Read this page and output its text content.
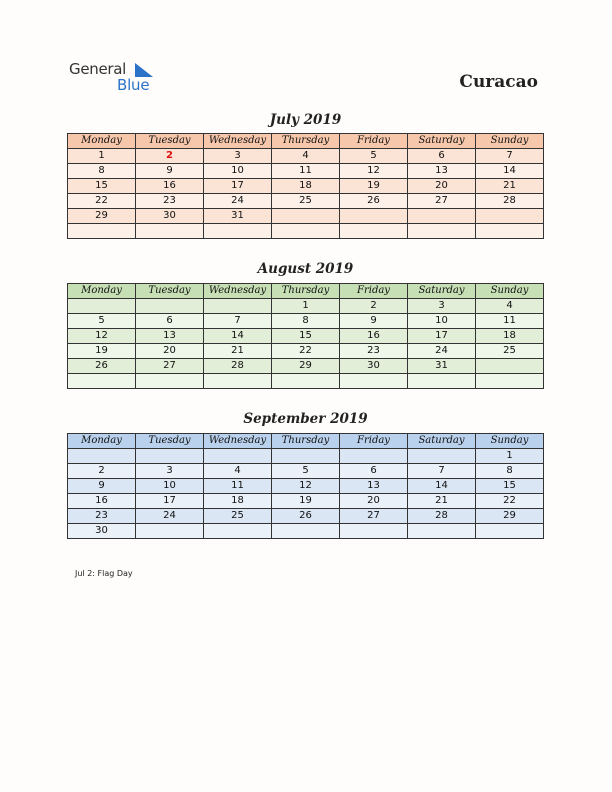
General
Blue	Curacao
July 2019
Monday	Tuesday	Wednesday	Thursday	Friday	Saturday	Sunday
1	2	3	4	5	6	7
8	9	10	11	12	13	14
15	16	17	18	19	20	21
22	23	24	25	26	27	28
29	30	31				

August 2019
Monday	Tuesday	Wednesday	Thursday	Friday	Saturday	Sunday
			1	2	3	4
5	6	7	8	9	10	11
12	13	14	15	16	17	18
19	20	21	22	23	24	25
26	27	28	29	30	31	

September 2019
Monday	Tuesday	Wednesday	Thursday	Friday	Saturday	Sunday
						1
2	3	4	5	6	7	8
9	10	11	12	13	14	15
16	17	18	19	20	21	22
23	24	25	26	27	28	29
30						
Jul 2: Flag Day
